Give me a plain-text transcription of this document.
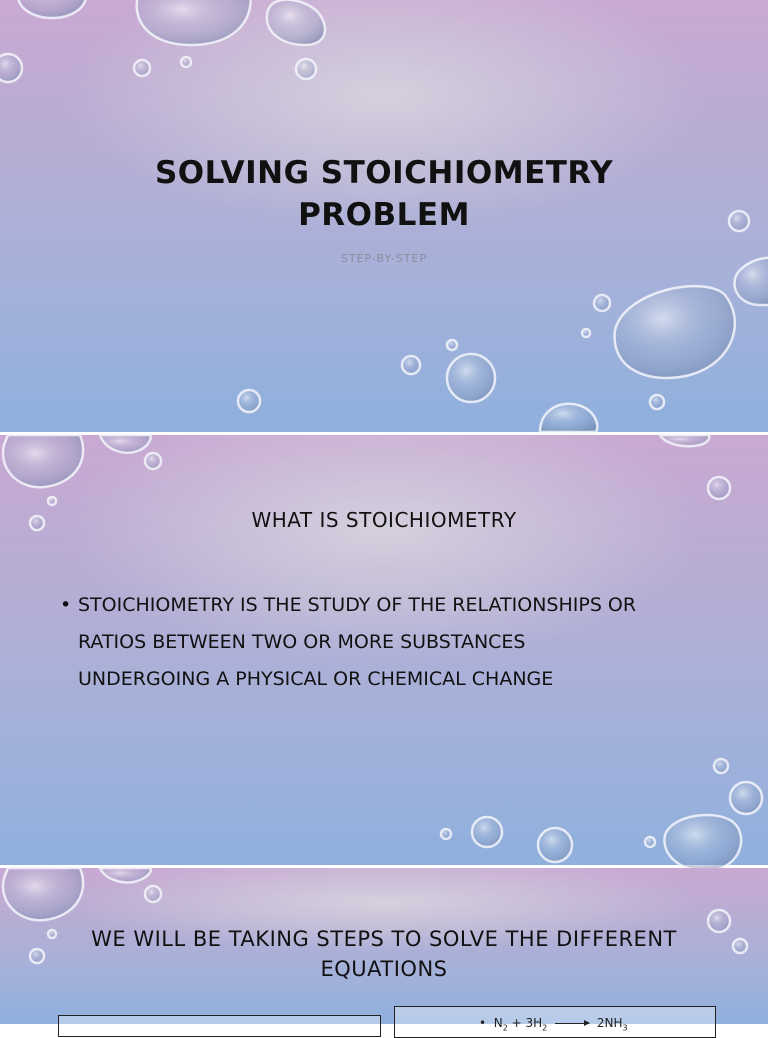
SOLVING STOICHIOMETRY
PROBLEM
STEP-BY-STEP
WHAT IS STOICHIOMETRY
• STOICHIOMETRY IS THE STUDY OF THE RELATIONSHIPS OR
RATIOS BETWEEN TWO OR MORE SUBSTANCES
UNDERGOING A PHYSICAL OR CHEMICAL CHANGE
WE WILL BE TAKING STEPS TO SOLVE THE DIFFERENT
EQUATIONS
• $N_2 + 3H_2 \to 2NH_3$
